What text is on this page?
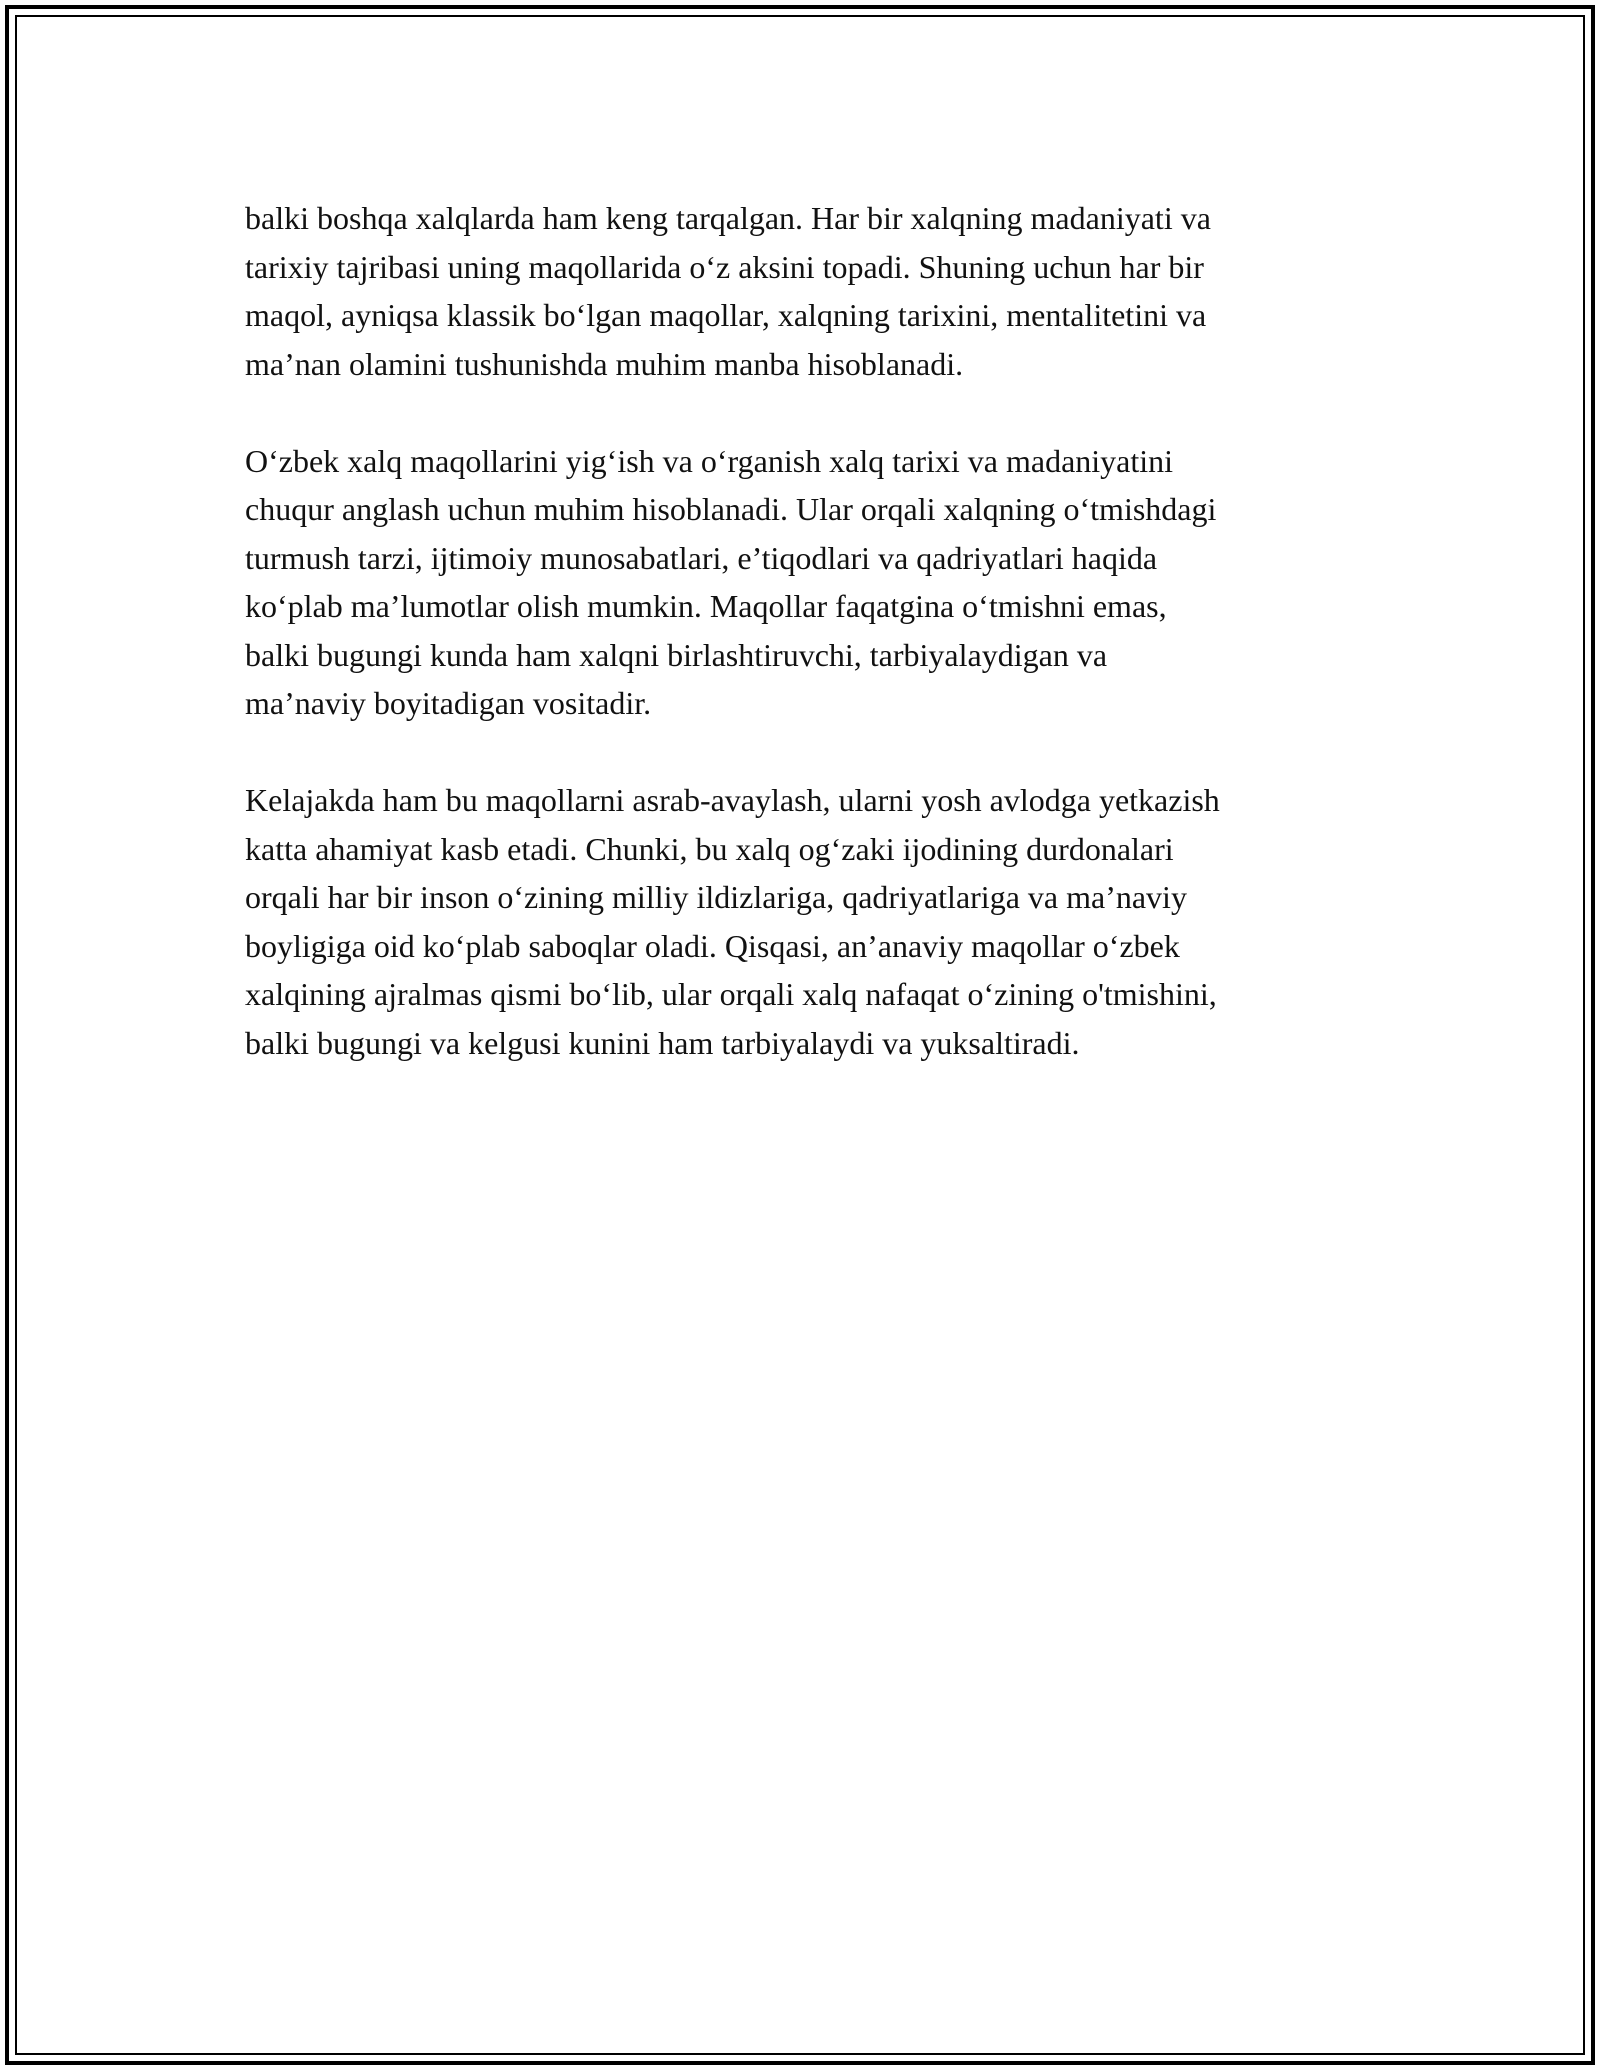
balki boshqa xalqlarda ham keng tarqalgan. Har bir xalqning madaniyati va
tarixiy tajribasi uning maqollarida o‘z aksini topadi. Shuning uchun har bir
maqol, ayniqsa klassik bo‘lgan maqollar, xalqning tarixini, mentalitetini va
ma’nan olamini tushunishda muhim manba hisoblanadi.

O‘zbek xalq maqollarini yig‘ish va o‘rganish xalq tarixi va madaniyatini
chuqur anglash uchun muhim hisoblanadi. Ular orqali xalqning o‘tmishdagi
turmush tarzi, ijtimoiy munosabatlari, e’tiqodlari va qadriyatlari haqida
ko‘plab ma’lumotlar olish mumkin. Maqollar faqatgina o‘tmishni emas,
balki bugungi kunda ham xalqni birlashtiruvchi, tarbiyalaydigan va
ma’naviy boyitadigan vositadir.

Kelajakda ham bu maqollarni asrab-avaylash, ularni yosh avlodga yetkazish
katta ahamiyat kasb etadi. Chunki, bu xalq og‘zaki ijodining durdonalari
orqali har bir inson o‘zining milliy ildizlariga, qadriyatlariga va ma’naviy
boyligiga oid ko‘plab saboqlar oladi. Qisqasi, an’anaviy maqollar o‘zbek
xalqining ajralmas qismi bo‘lib, ular orqali xalq nafaqat o‘zining o'tmishini,
balki bugungi va kelgusi kunini ham tarbiyalaydi va yuksaltiradi.
